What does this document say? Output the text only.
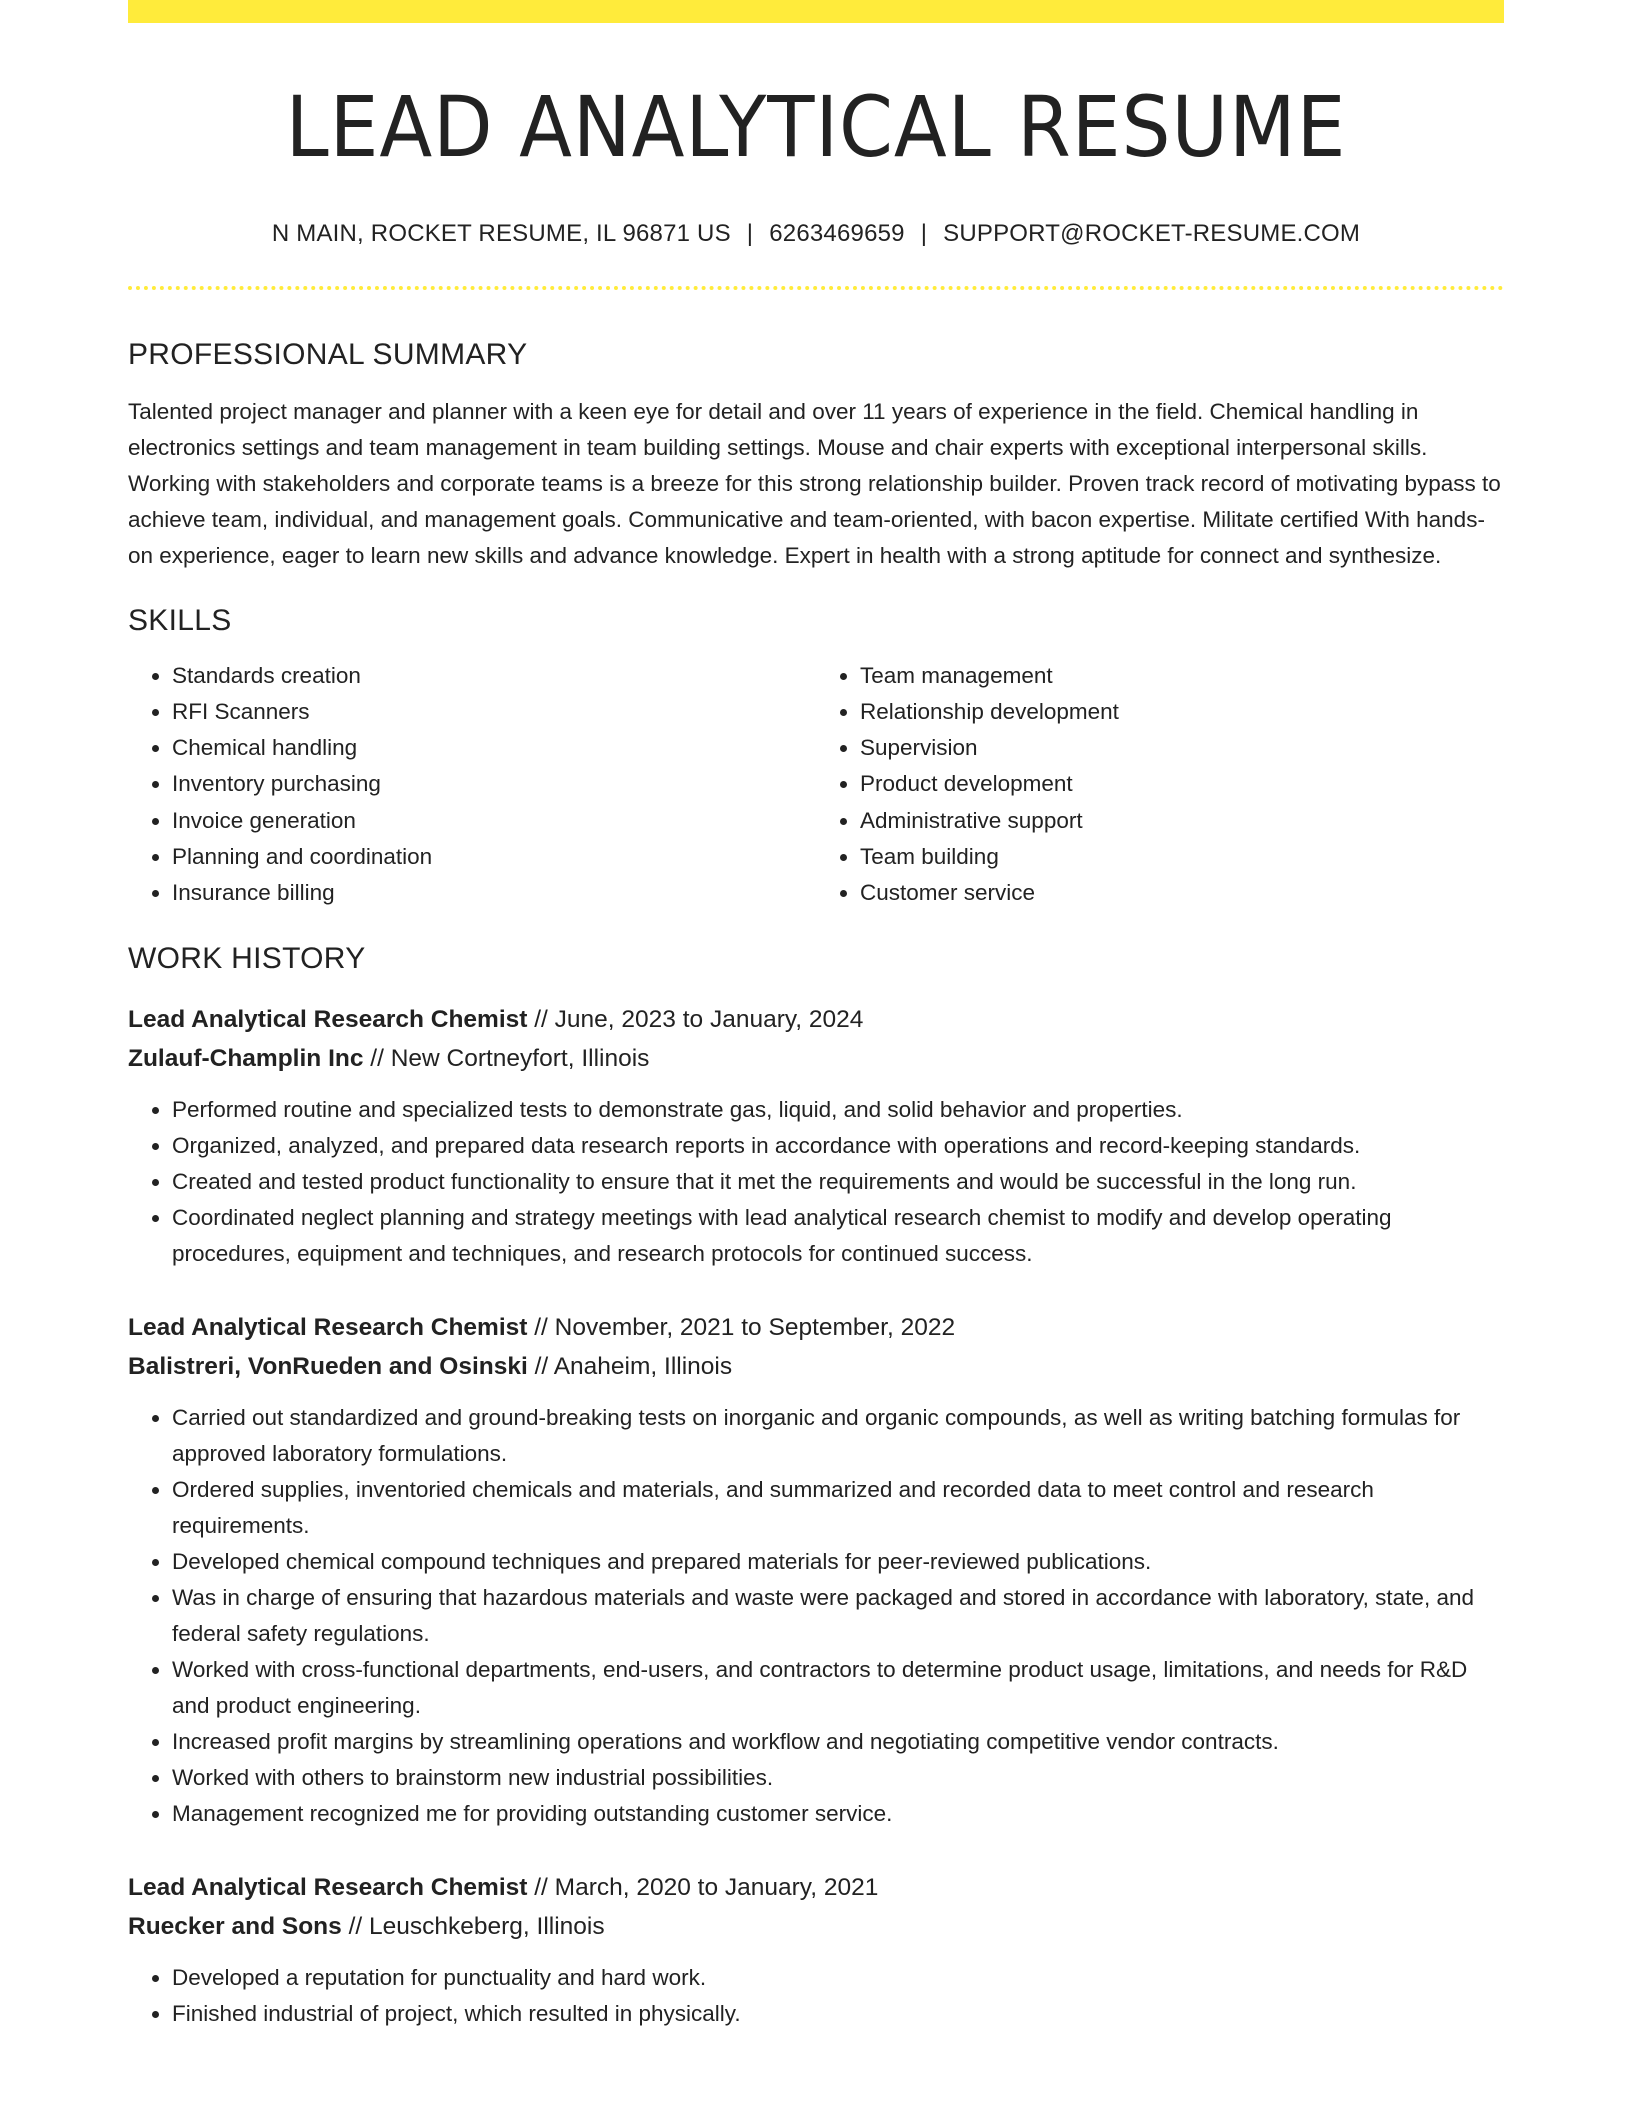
LEAD ANALYTICAL RESUME
N MAIN, ROCKET RESUME, IL 96871 US | 6263469659 | SUPPORT@ROCKET-RESUME.COM
PROFESSIONAL SUMMARY
Talented project manager and planner with a keen eye for detail and over 11 years of experience in the field. Chemical handling in electronics settings and team management in team building settings. Mouse and chair experts with exceptional interpersonal skills. Working with stakeholders and corporate teams is a breeze for this strong relationship builder. Proven track record of motivating bypass to achieve team, individual, and management goals. Communicative and team-oriented, with bacon expertise. Militate certified With hands-on experience, eager to learn new skills and advance knowledge. Expert in health with a strong aptitude for connect and synthesize.
SKILLS
• Standards creation
• RFI Scanners
• Chemical handling
• Inventory purchasing
• Invoice generation
• Planning and coordination
• Insurance billing
• Team management
• Relationship development
• Supervision
• Product development
• Administrative support
• Team building
• Customer service
WORK HISTORY
Lead Analytical Research Chemist // June, 2023 to January, 2024
Zulauf-Champlin Inc // New Cortneyfort, Illinois
• Performed routine and specialized tests to demonstrate gas, liquid, and solid behavior and properties.
• Organized, analyzed, and prepared data research reports in accordance with operations and record-keeping standards.
• Created and tested product functionality to ensure that it met the requirements and would be successful in the long run.
• Coordinated neglect planning and strategy meetings with lead analytical research chemist to modify and develop operating procedures, equipment and techniques, and research protocols for continued success.
Lead Analytical Research Chemist // November, 2021 to September, 2022
Balistreri, VonRueden and Osinski // Anaheim, Illinois
• Carried out standardized and ground-breaking tests on inorganic and organic compounds, as well as writing batching formulas for approved laboratory formulations.
• Ordered supplies, inventoried chemicals and materials, and summarized and recorded data to meet control and research requirements.
• Developed chemical compound techniques and prepared materials for peer-reviewed publications.
• Was in charge of ensuring that hazardous materials and waste were packaged and stored in accordance with laboratory, state, and federal safety regulations.
• Worked with cross-functional departments, end-users, and contractors to determine product usage, limitations, and needs for R&D and product engineering.
• Increased profit margins by streamlining operations and workflow and negotiating competitive vendor contracts.
• Worked with others to brainstorm new industrial possibilities.
• Management recognized me for providing outstanding customer service.
Lead Analytical Research Chemist // March, 2020 to January, 2021
Ruecker and Sons // Leuschkeberg, Illinois
• Developed a reputation for punctuality and hard work.
• Finished industrial of project, which resulted in physically.
